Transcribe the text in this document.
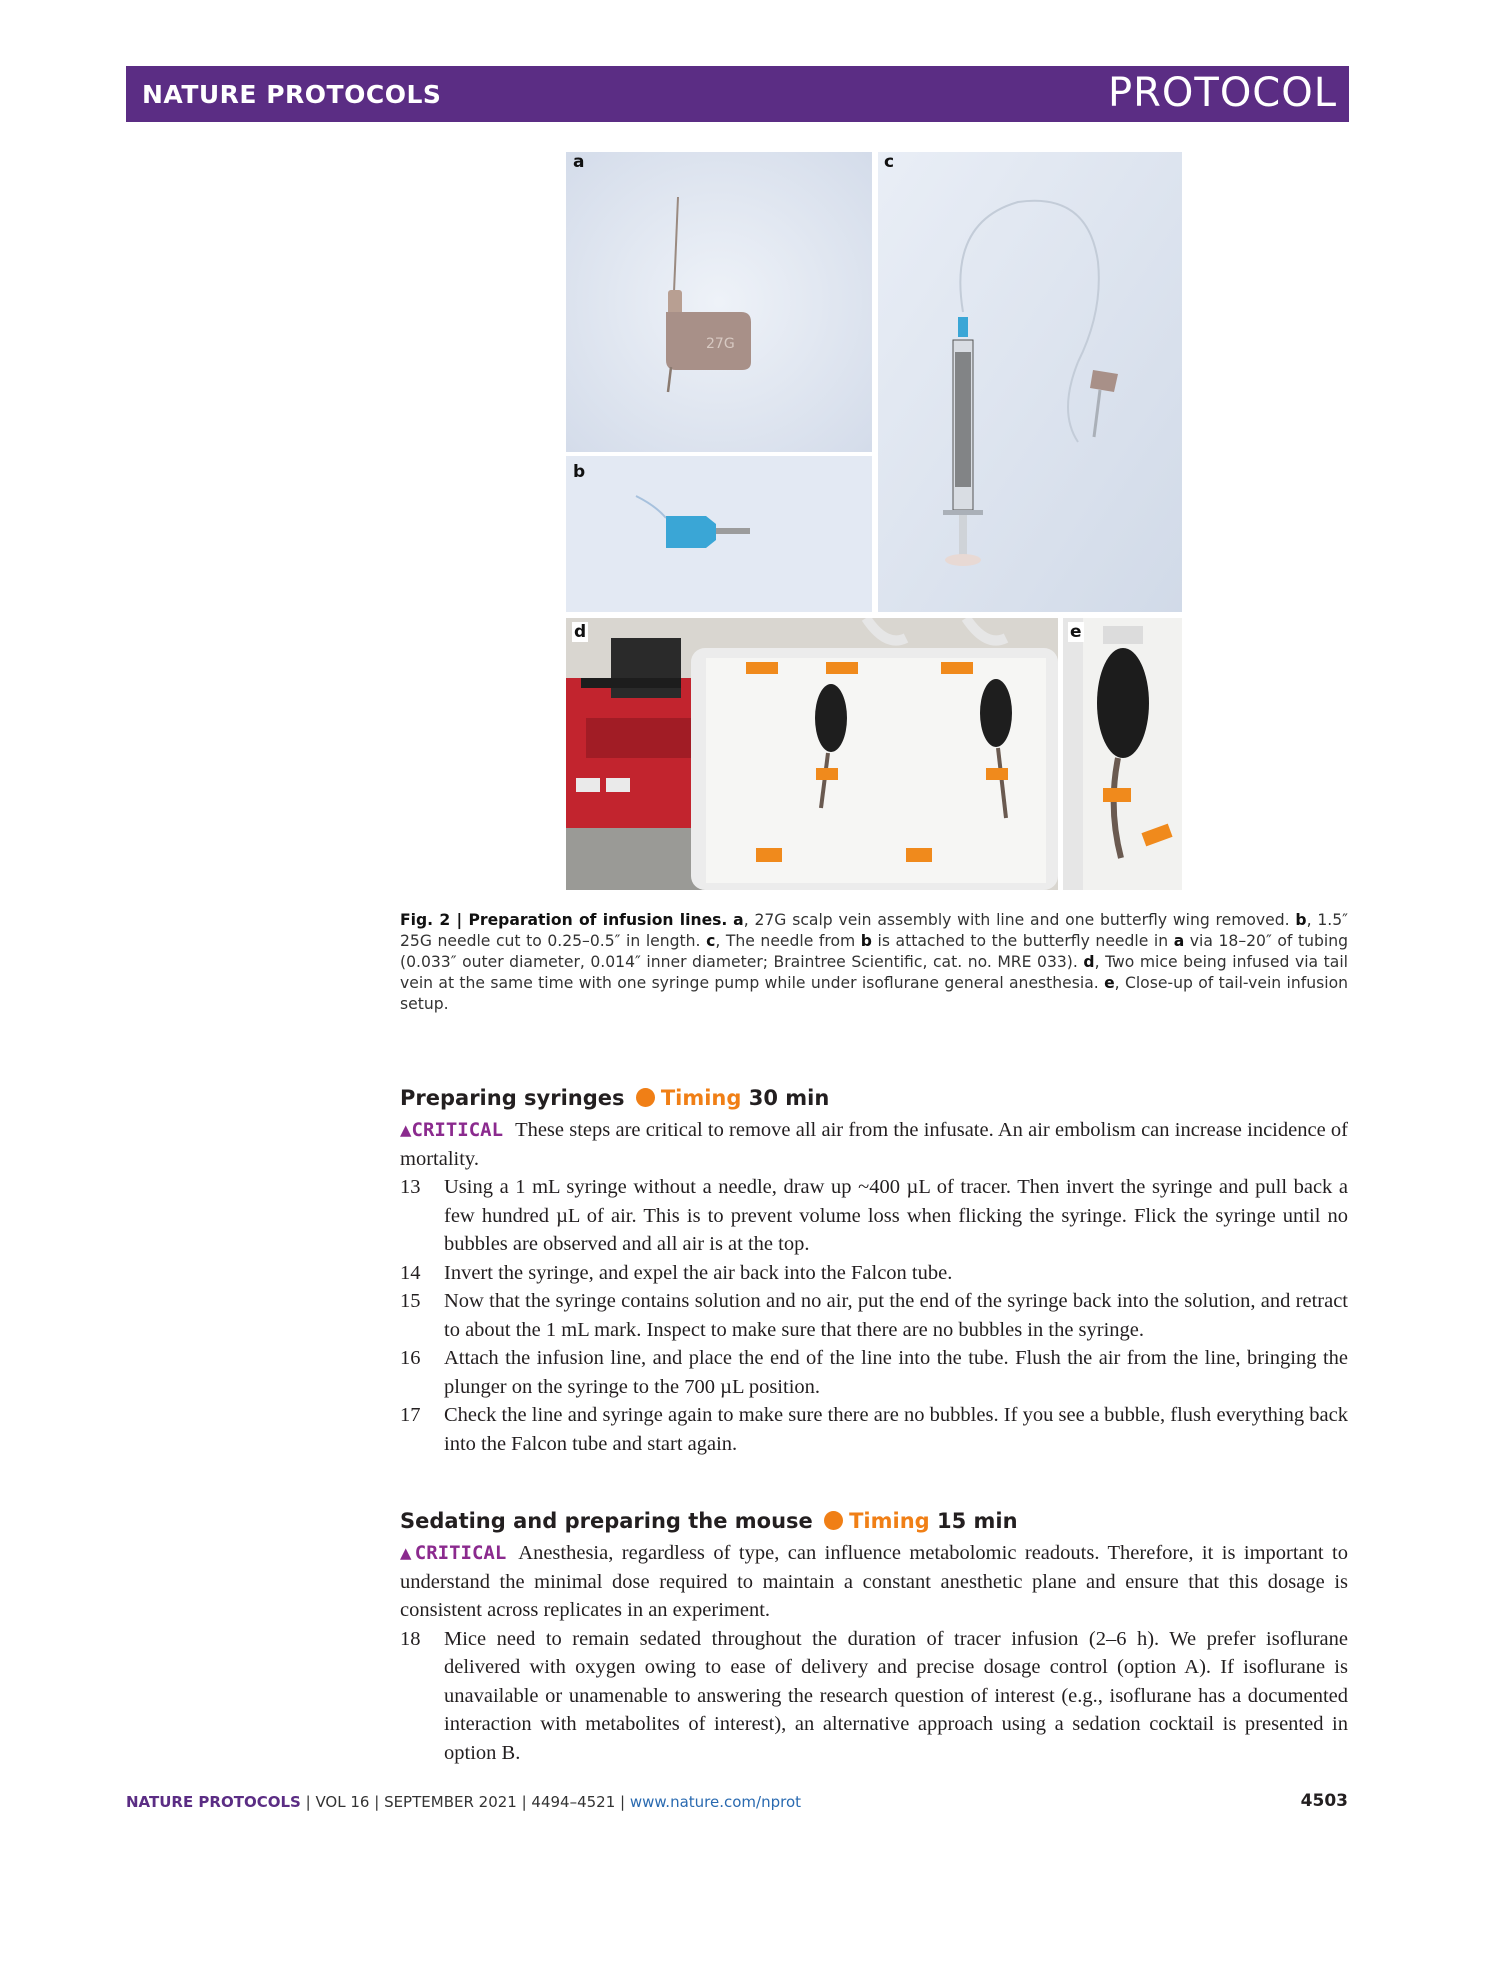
NATURE PROTOCOLS	PROTOCOL
27G
a
b
c
d	e
Fig. 2 | Preparation of infusion lines. a, 27G scalp vein assembly with line and one butterfly wing removed. b, 1.5″ 25G needle cut to 0.25–0.5″ in length. c, The needle from b is attached to the butterfly needle in a via 18–20″ of tubing (0.033″ outer diameter, 0.014″ inner diameter; Braintree Scientific, cat. no. MRE 033). d, Two mice being infused via tail vein at the same time with one syringe pump while under isoflurane general anesthesia. e, Close-up of tail-vein infusion setup.
Preparing syringes Timing 30 min
▲CRITICAL These steps are critical to remove all air from the infusate. An air embolism can increase incidence of mortality.
13 Using a 1 mL syringe without a needle, draw up ~400 µL of tracer. Then invert the syringe and pull back a few hundred µL of air. This is to prevent volume loss when flicking the syringe. Flick the syringe until no bubbles are observed and all air is at the top.
14 Invert the syringe, and expel the air back into the Falcon tube.
15 Now that the syringe contains solution and no air, put the end of the syringe back into the solution, and retract to about the 1 mL mark. Inspect to make sure that there are no bubbles in the syringe.
16 Attach the infusion line, and place the end of the line into the tube. Flush the air from the line, bringing the plunger on the syringe to the 700 µL position.
17 Check the line and syringe again to make sure there are no bubbles. If you see a bubble, flush everything back into the Falcon tube and start again.
Sedating and preparing the mouse Timing 15 min
▲CRITICAL Anesthesia, regardless of type, can influence metabolomic readouts. Therefore, it is important to understand the minimal dose required to maintain a constant anesthetic plane and ensure that this dosage is consistent across replicates in an experiment.
18 Mice need to remain sedated throughout the duration of tracer infusion (2–6 h). We prefer isoflurane delivered with oxygen owing to ease of delivery and precise dosage control (option A). If isoflurane is unavailable or unamenable to answering the research question of interest (e.g., isoflurane has a documented interaction with metabolites of interest), an alternative approach using a sedation cocktail is presented in option B.
NATURE PROTOCOLS | VOL 16 | SEPTEMBER 2021 | 4494–4521 | www.nature.com/nprot	4503
